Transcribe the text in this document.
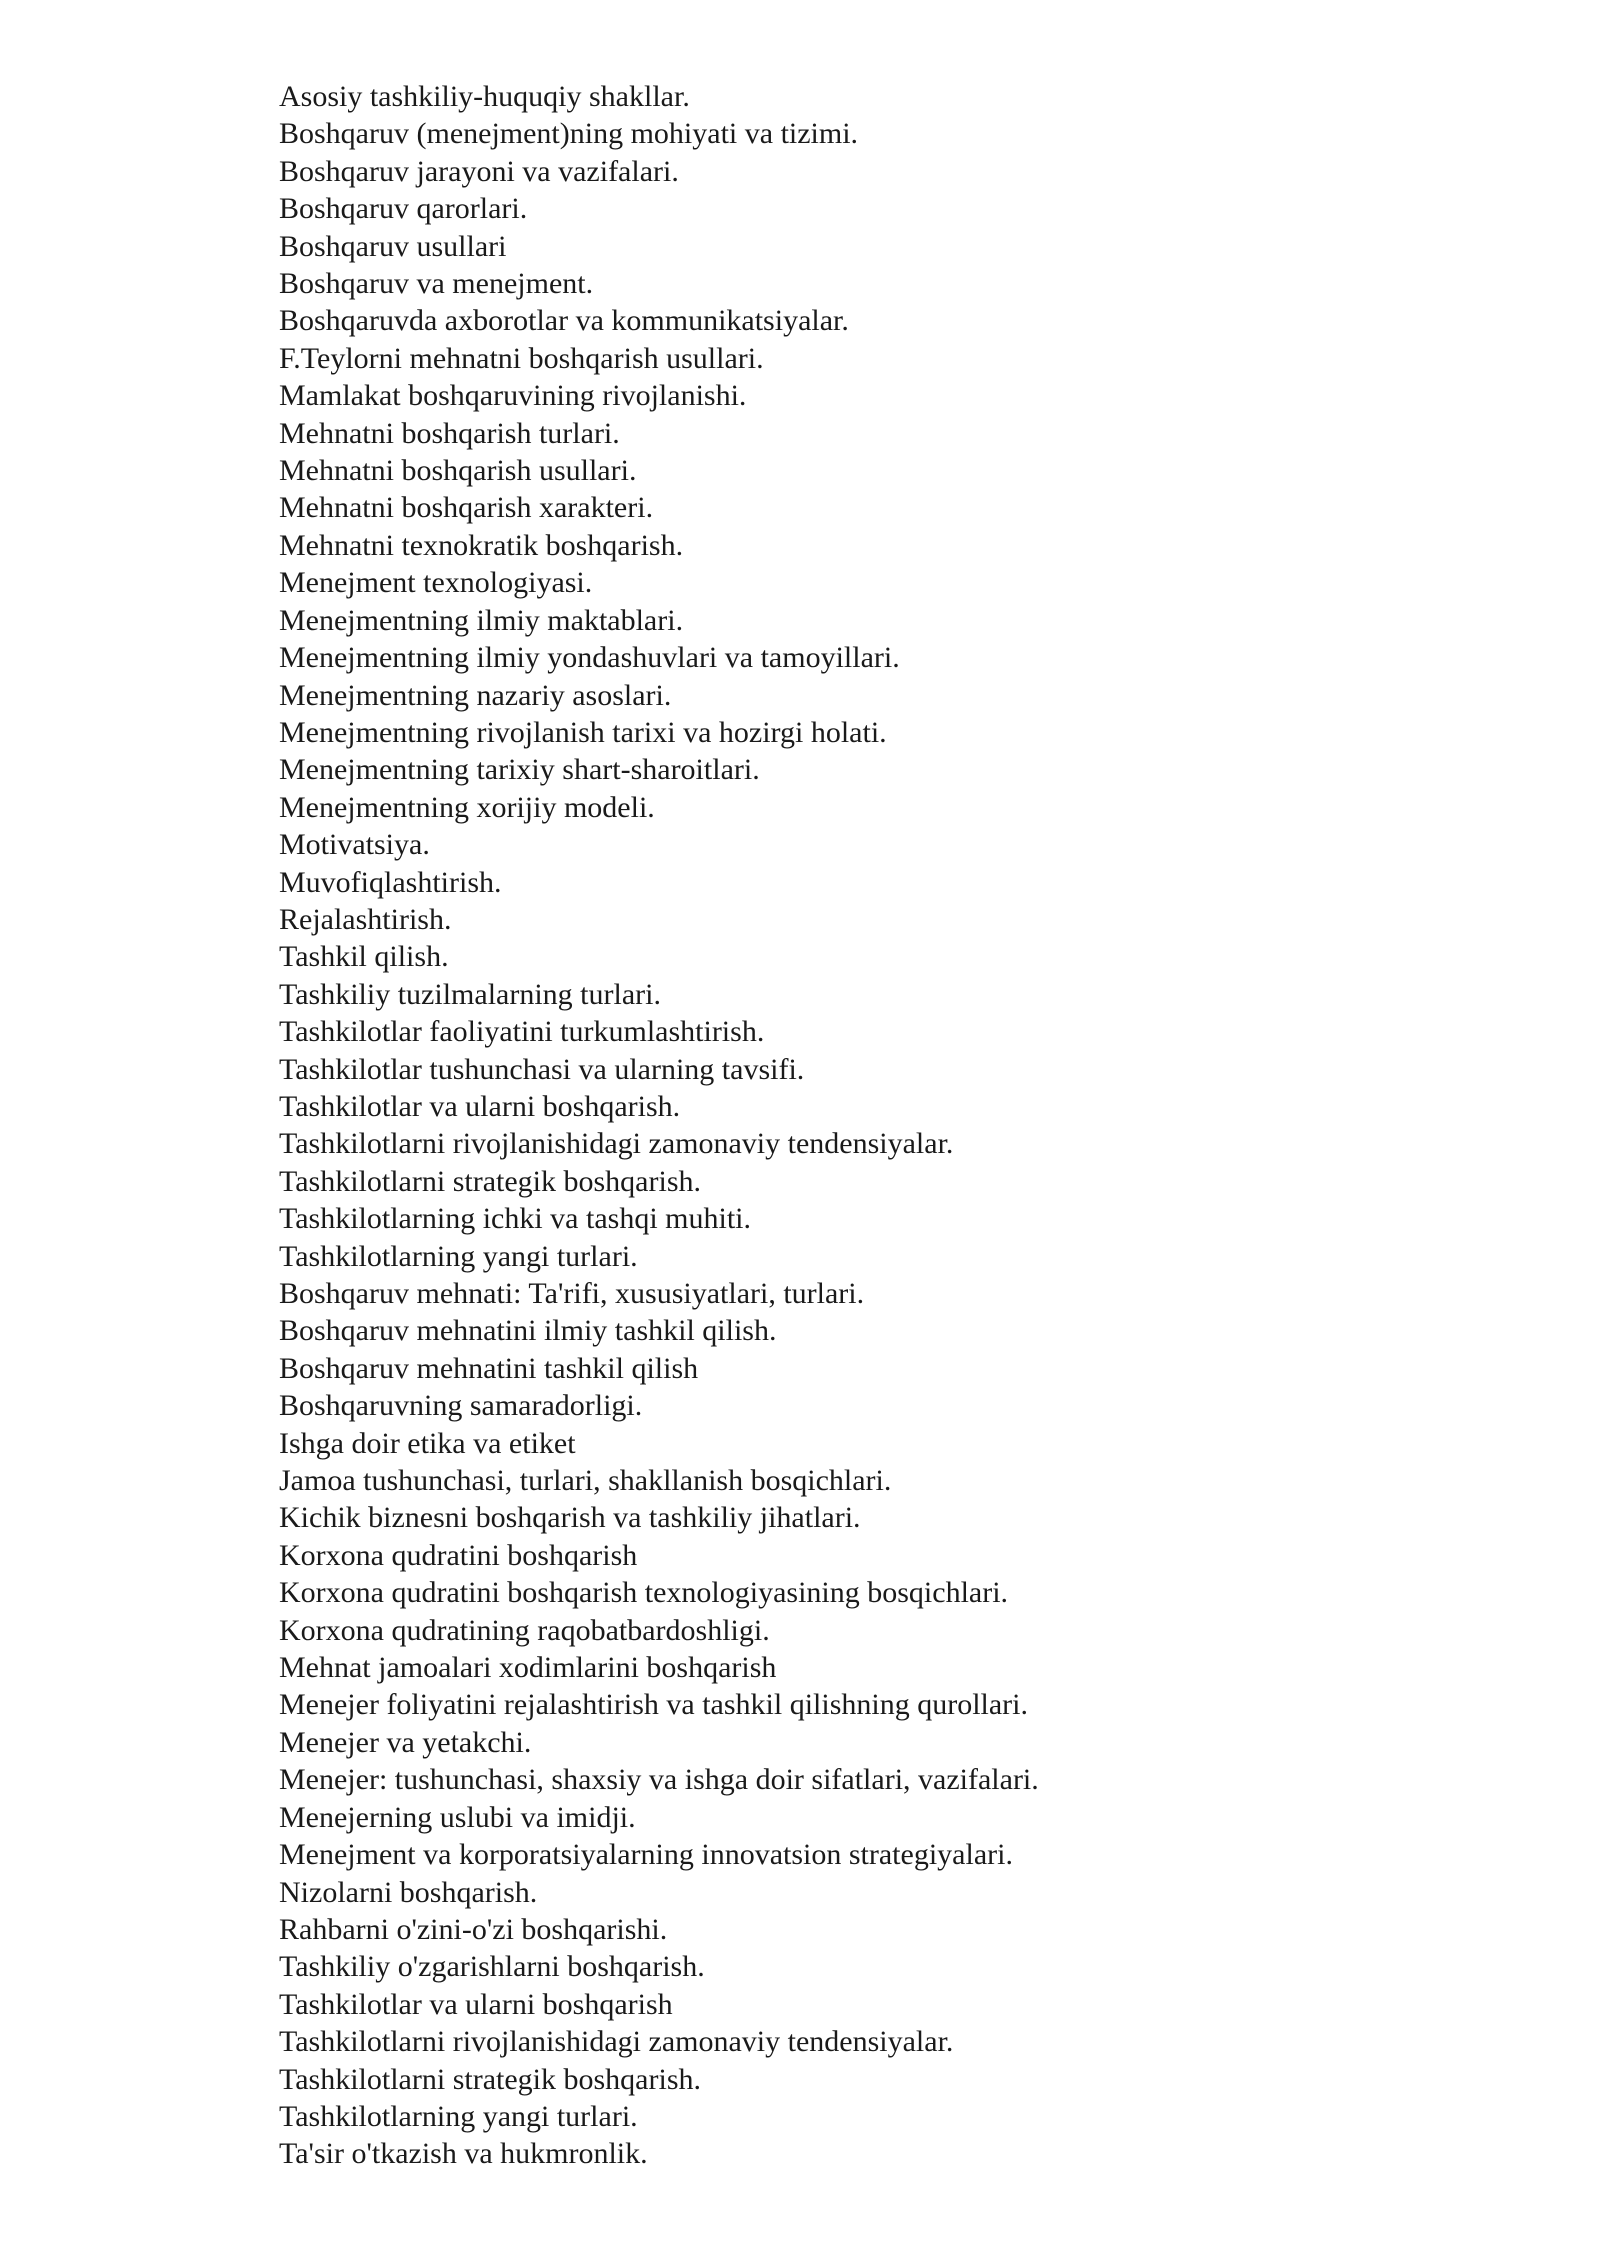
Asosiy tashkiliy-huquqiy shakllar.
Boshqaruv (menejment)ning mohiyati va tizimi.
Boshqaruv jarayoni va vazifalari.
Boshqaruv qarorlari.
Boshqaruv usullari
Boshqaruv va menejment.
Boshqaruvda axborotlar va kommunikatsiyalar.
F.Teylorni mehnatni boshqarish usullari.
Mamlakat boshqaruvining rivojlanishi.
Mehnatni boshqarish turlari.
Mehnatni boshqarish usullari.
Mehnatni boshqarish xarakteri.
Mehnatni texnokratik boshqarish.
Menejment texnologiyasi.
Menejmentning ilmiy maktablari.
Menejmentning ilmiy yondashuvlari va tamoyillari.
Menejmentning nazariy asoslari.
Menejmentning rivojlanish tarixi va hozirgi holati.
Menejmentning tarixiy shart-sharoitlari.
Menejmentning xorijiy modeli.
Motivatsiya.
Muvofiqlashtirish.
Rejalashtirish.
Tashkil qilish.
Tashkiliy tuzilmalarning turlari.
Tashkilotlar faoliyatini turkumlashtirish.
Tashkilotlar tushunchasi va ularning tavsifi.
Tashkilotlar va ularni boshqarish.
Tashkilotlarni rivojlanishidagi zamonaviy tendensiyalar.
Tashkilotlarni strategik boshqarish.
Tashkilotlarning ichki va tashqi muhiti.
Tashkilotlarning yangi turlari.
Boshqaruv mehnati: Ta'rifi, xususiyatlari, turlari.
Boshqaruv mehnatini ilmiy tashkil qilish.
Boshqaruv mehnatini tashkil qilish
Boshqaruvning samaradorligi.
Ishga doir etika va etiket
Jamoa tushunchasi, turlari, shakllanish bosqichlari.
Kichik biznesni boshqarish va tashkiliy jihatlari.
Korxona qudratini boshqarish
Korxona qudratini boshqarish texnologiyasining bosqichlari.
Korxona qudratining raqobatbardoshligi.
Mehnat jamoalari xodimlarini boshqarish
Menejer foliyatini rejalashtirish va tashkil qilishning qurollari.
Menejer va yetakchi.
Menejer: tushunchasi, shaxsiy va ishga doir sifatlari, vazifalari.
Menejerning uslubi va imidji.
Menejment va korporatsiyalarning innovatsion strategiyalari.
Nizolarni boshqarish.
Rahbarni o'zini-o'zi boshqarishi.
Tashkiliy o'zgarishlarni boshqarish.
Tashkilotlar va ularni boshqarish
Tashkilotlarni rivojlanishidagi zamonaviy tendensiyalar.
Tashkilotlarni strategik boshqarish.
Tashkilotlarning yangi turlari.
Ta'sir o'tkazish va hukmronlik.
